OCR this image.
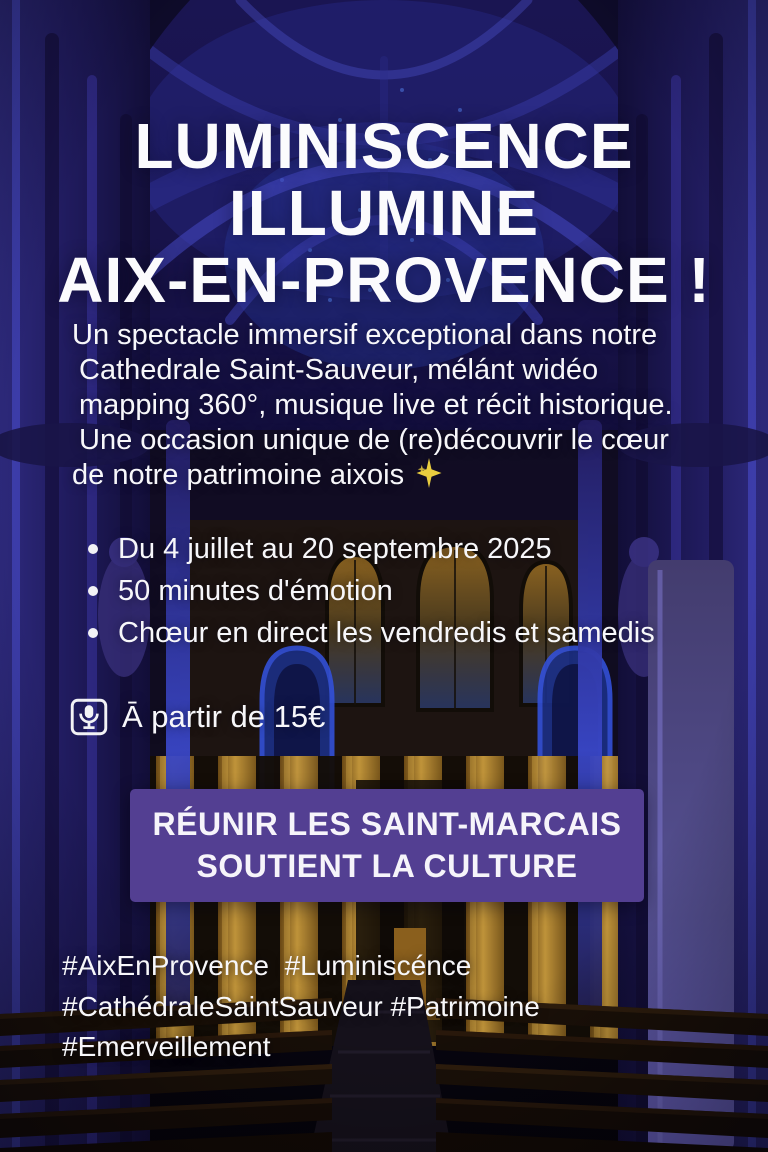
LUMINISCENCE
ILLUMINE
AIX-EN-PROVENCE !
Un spectacle immersif exceptional dans notre
Cathedrale Saint-Sauveur, mélánt widéo
mapping 360°, musique live et récit historique.
Une occasion unique de (re)découvrir le cœur
de notre patrimoine aixois
Du 4 juillet au 20 septembre 2025
50 minutes d'émotion
Chœur en direct les vendredis et samedis
Ā partir de 15€
RÉUNIR LES SAINT-MARCAIS
SOUTIENT LA CULTURE
#AixEnProvence  #Luminiscénce
#CathédraleSaintSauveur #Patrimoine
#Emerveillement
